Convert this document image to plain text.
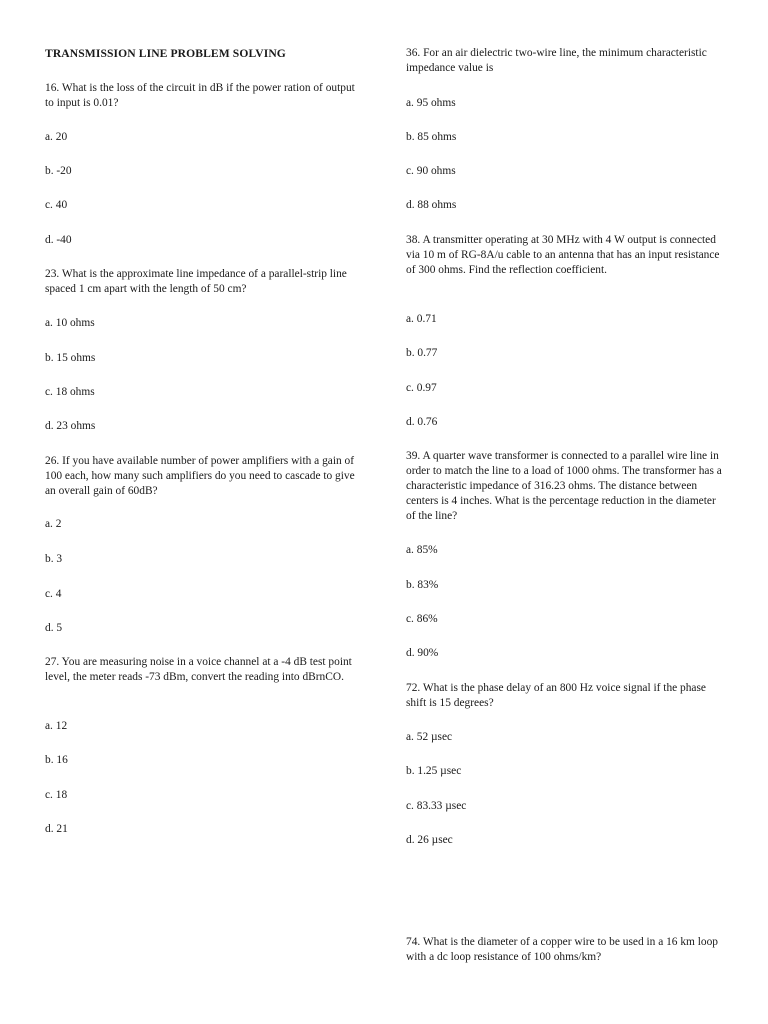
TRANSMISSION LINE PROBLEM SOLVING
16. What is the loss of the circuit in dB if the power ration of output to input is 0.01?
a. 20
b. -20
c. 40
d. -40
23. What is the approximate line impedance of a parallel-strip line spaced 1 cm apart with the length of 50 cm?
a. 10 ohms
b. 15 ohms
c. 18 ohms
d. 23 ohms
26. If you have available number of power amplifiers with a gain of 100 each, how many such amplifiers do you need to cascade to give an overall gain of 60dB?
a. 2
b. 3
c. 4
d. 5
27. You are measuring noise in a voice channel at a -4 dB test point level, the meter reads -73 dBm, convert the reading into dBrnCO.
a. 12
b. 16
c. 18
d. 21
36. For an air dielectric two-wire line, the minimum characteristic impedance value is
a. 95 ohms
b. 85 ohms
c. 90 ohms
d. 88 ohms
38. A transmitter operating at 30 MHz with 4 W output is connected via 10 m of RG-8A/u cable to an antenna that has an input resistance of 300 ohms. Find the reflection coefficient.
a. 0.71
b. 0.77
c. 0.97
d. 0.76
39. A quarter wave transformer is connected to a parallel wire line in order to match the line to a load of 1000 ohms. The transformer has a characteristic impedance of 316.23 ohms. The distance between centers is 4 inches. What is the percentage reduction in the diameter of the line?
a. 85%
b. 83%
c. 86%
d. 90%
72. What is the phase delay of an 800 Hz voice signal if the phase shift is 15 degrees?
a. 52 µsec
b. 1.25 µsec
c. 83.33 µsec
d. 26 µsec
74. What is the diameter of a copper wire to be used in a 16 km loop with a dc loop resistance of 100 ohms/km?
